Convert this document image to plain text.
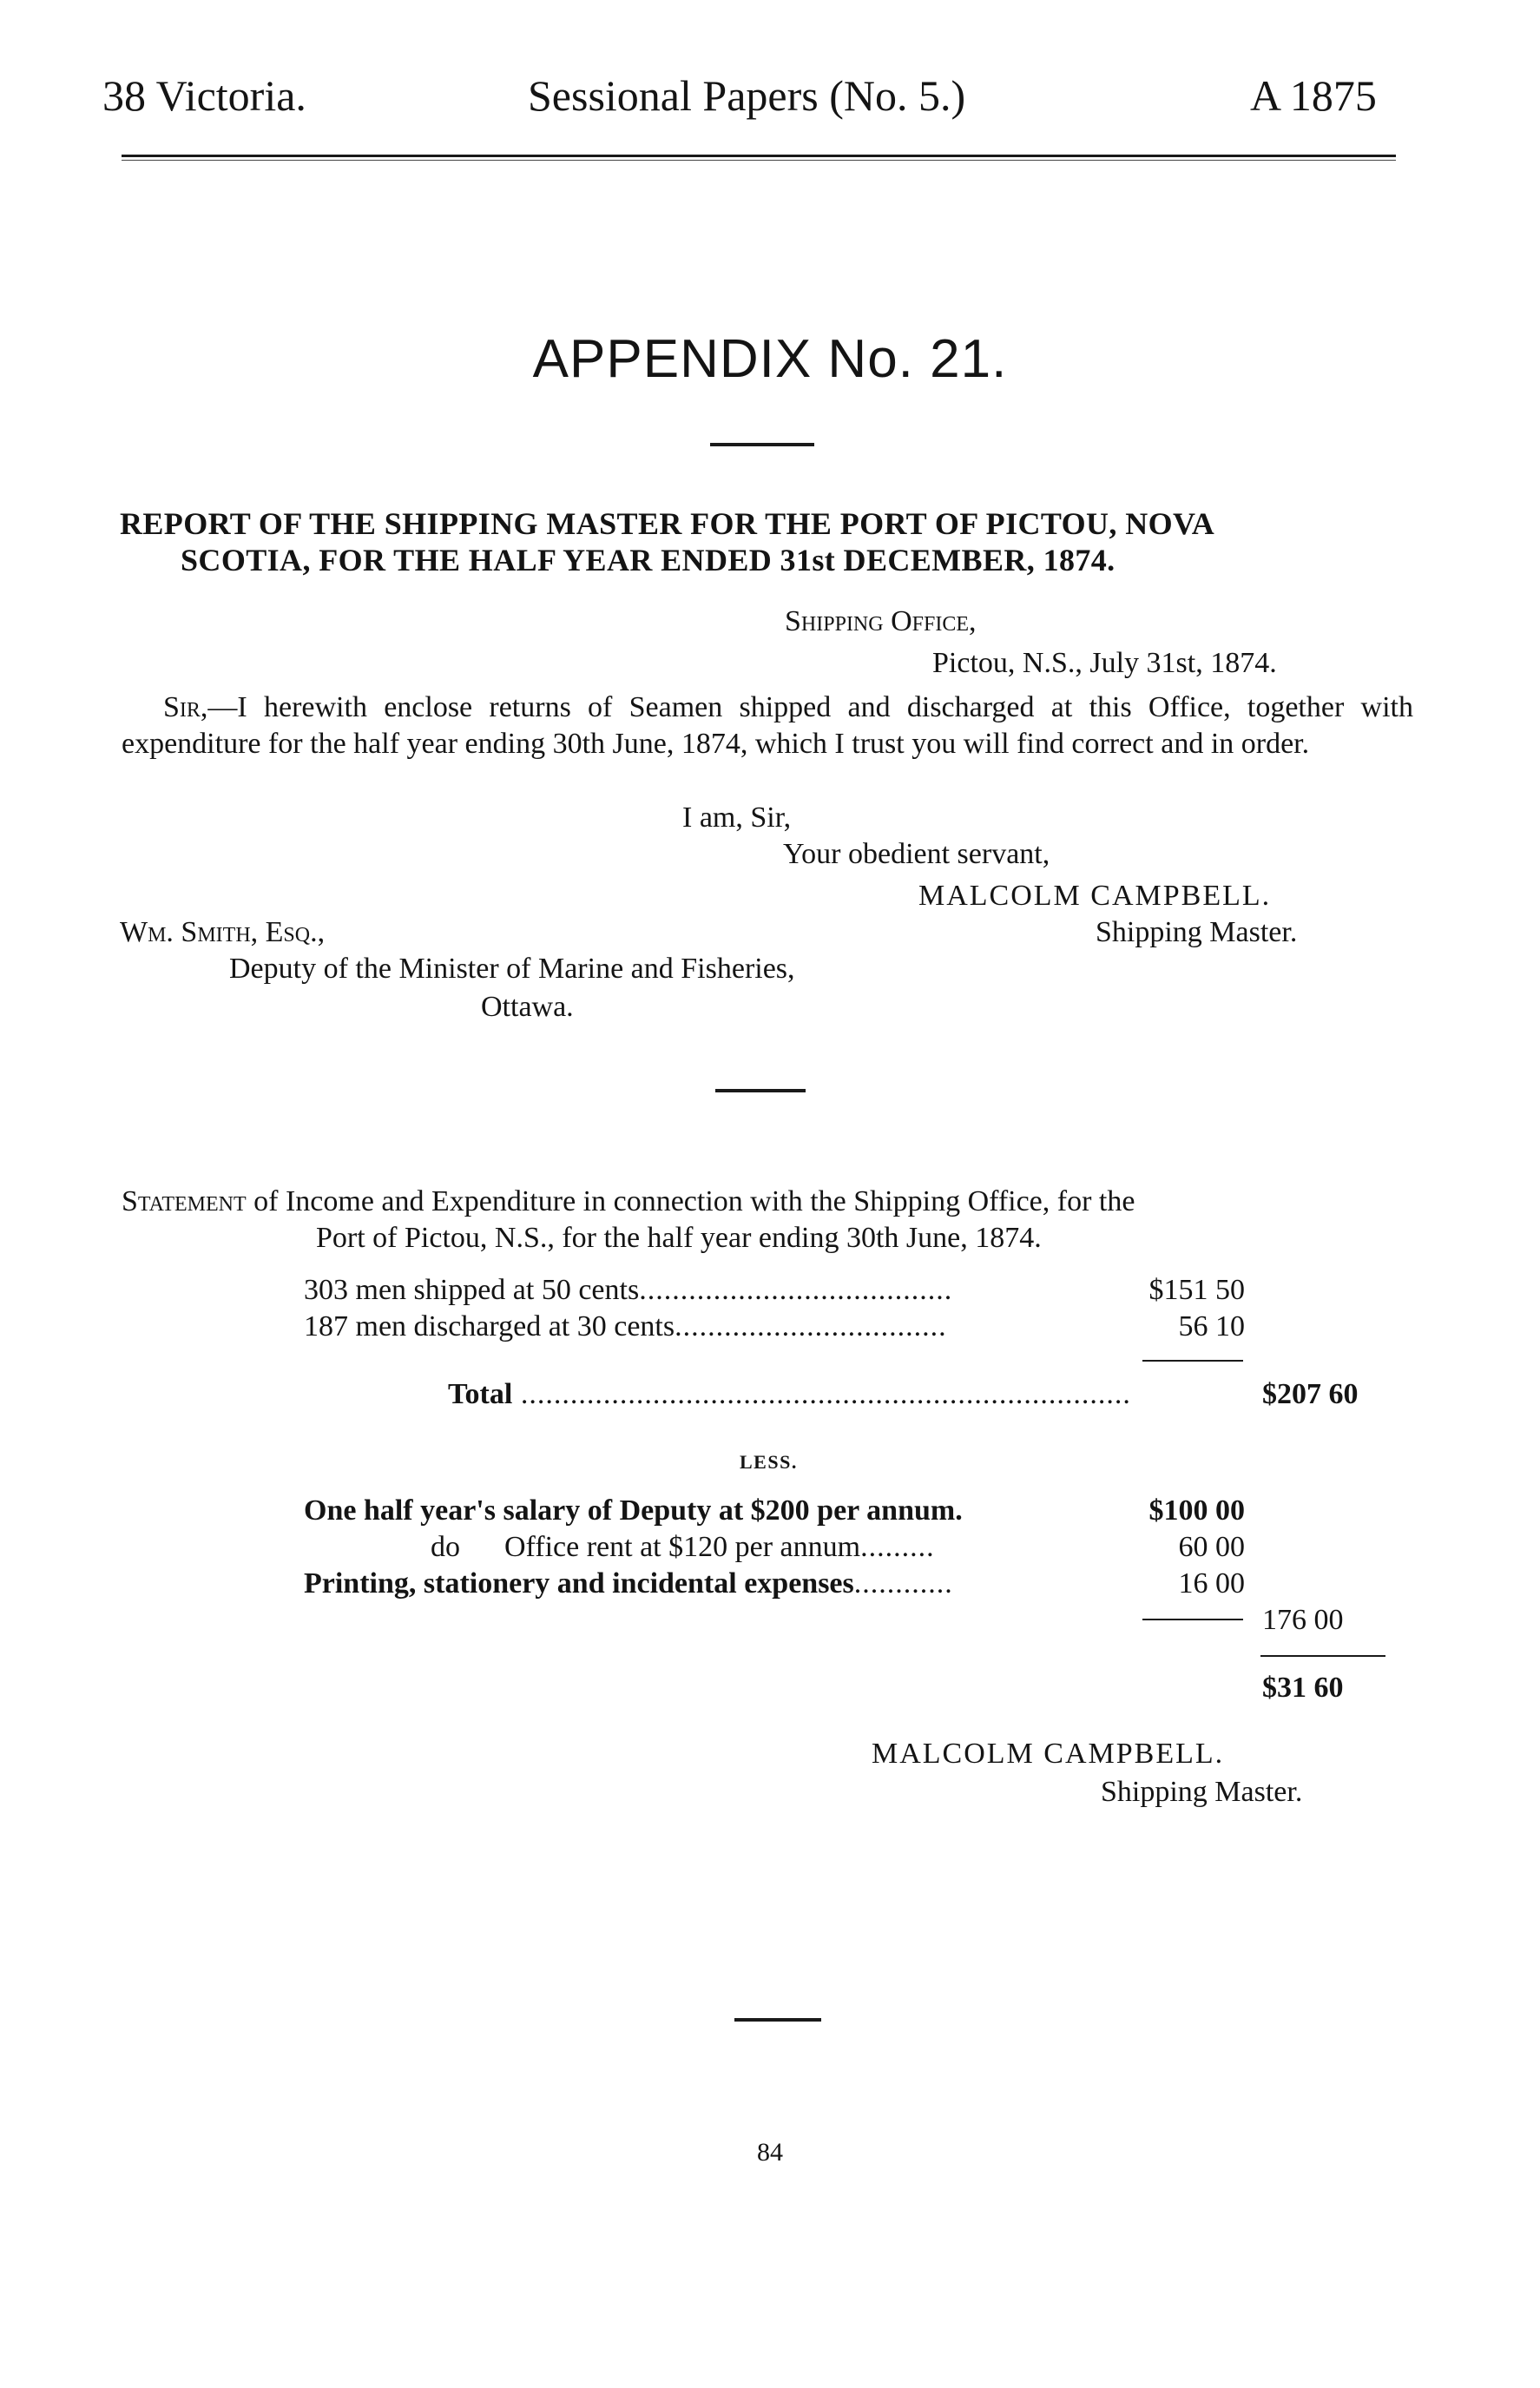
38 Victoria.	Sessional Papers (No. 5.)	A 1875
APPENDIX No. 21.
REPORT OF THE SHIPPING MASTER FOR THE PORT OF PICTOU, NOVA
SCOTIA, FOR THE HALF YEAR ENDED 31st DECEMBER, 1874.
Shipping Office,
Pictou, N.S., July 31st, 1874.
Sir,—I herewith enclose returns of Seamen shipped and discharged at this Office, together with expenditure for the half year ending 30th June, 1874, which I trust you will find correct and in order.
I am, Sir,
Your obedient servant,
MALCOLM CAMPBELL.
Shipping Master.
Wm. Smith, Esq.,
Deputy of the Minister of Marine and Fisheries,
Ottawa.
Statement of Income and Expenditure in connection with the Shipping Office, for the
Port of Pictou, N.S., for the half year ending 30th June, 1874.
303 men shipped at 50 cents......................................	$151 50
187 men discharged at 30 cents.................................	56 10
Total ..........................................................................	$207 60
LESS.
One half year's salary of Deputy at $200 per annum.	$100 00
do      Office rent at $120 per annum.........	60 00
Printing, stationery and incidental expenses............	16 00
176 00
$31 60
MALCOLM CAMPBELL.
Shipping Master.
84
